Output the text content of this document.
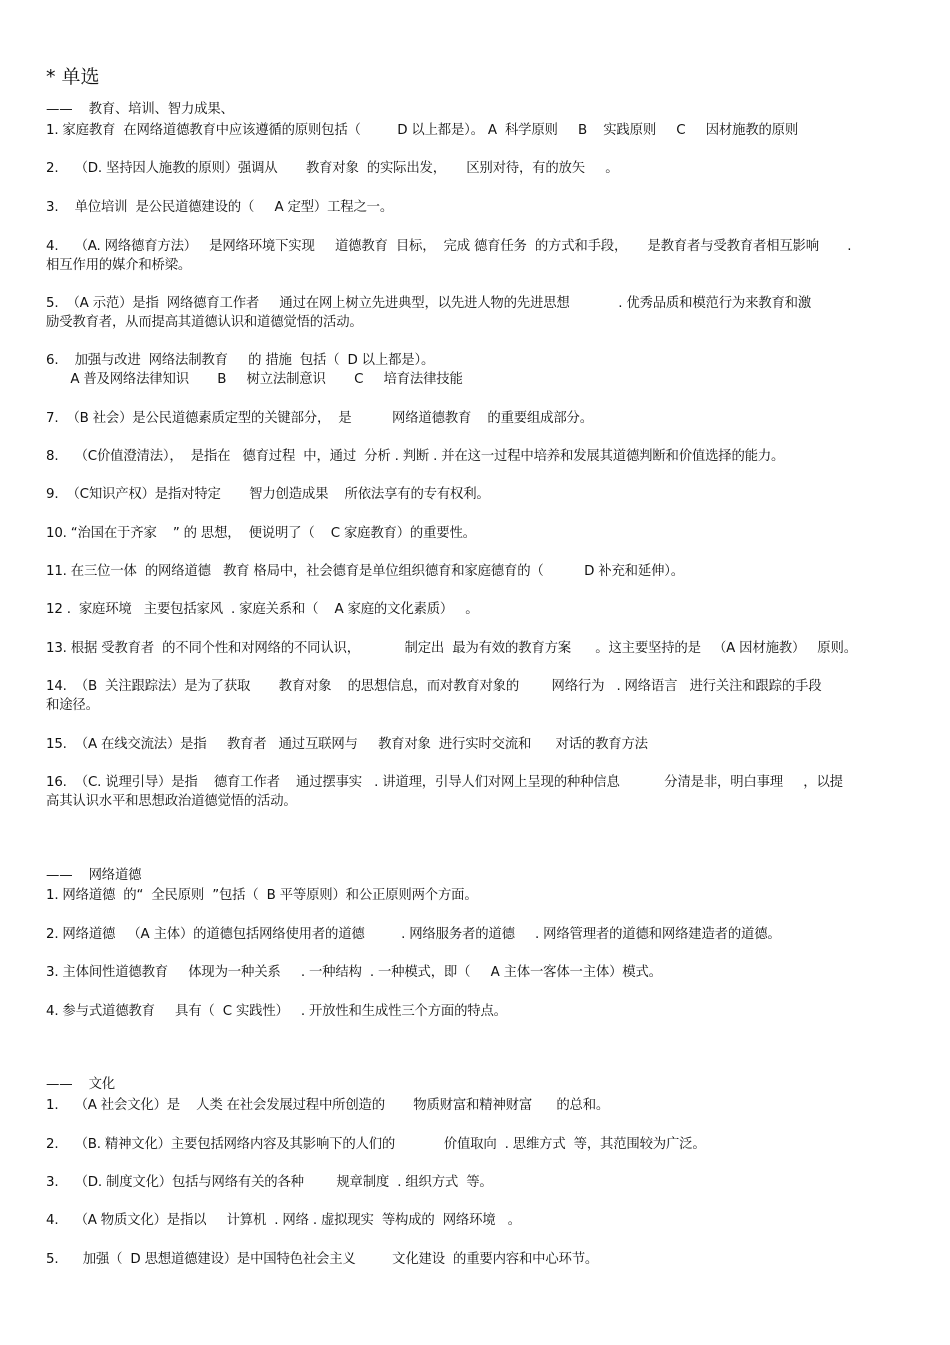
* 单选
——    教育、培训、智力成果、
1. 家庭教育  在网络道德教育中应该遵循的原则包括（         D 以上都是）。 A  科学原则     B    实践原则     C     因材施教的原则
2.    （D. 坚持因人施教的原则）强调从       教育对象  的实际出发，     区别对待，有的放矢     。
3.    单位培训  是公民道德建设的（     A 定型）工程之一。
4.    （A. 网络德育方法）   是网络环境下实现     道德教育  目标，  完成 德育任务  的方式和手段，     是教育者与受教育者相互影响       .
相互作用的媒介和桥梁。
5.  （A 示范）是指  网络德育工作者     通过在网上树立先进典型，以先进人物的先进思想            . 优秀品质和模范行为来教育和激
励受教育者，从而提高其道德认识和道德觉悟的活动。
6.    加强与改进  网络法制教育     的 措施  包括（  D 以上都是）。
A 普及网络法律知识       B     树立法制意识       C     培育法律技能
7.  （B 社会）是公民道德素质定型的关键部分，  是          网络道德教育    的重要组成部分。
8.    （C价值澄清法），  是指在   德育过程  中，通过  分析 . 判断 . 并在这一过程中培养和发展其道德判断和价值选择的能力。
9.  （C知识产权）是指对特定       智力创造成果    所依法享有的专有权利。
10. “治国在于齐家    ” 的 思想，  便说明了（    C 家庭教育）的重要性。
11. 在三位一体  的网络道德   教育 格局中，社会德育是单位组织德育和家庭德育的（          D 补充和延伸）。
12 .  家庭环境   主要包括家风  . 家庭关系和（    A 家庭的文化素质）   。
13. 根据 受教育者  的不同个性和对网络的不同认识，           制定出  最为有效的教育方案      。这主要坚持的是   （A 因材施教）   原则。
14.  （B  关注跟踪法）是为了获取       教育对象    的思想信息，而对教育对象的        网络行为   . 网络语言   进行关注和跟踪的手段
和途径。
15.  （A 在线交流法）是指     教育者   通过互联网与     教育对象  进行实时交流和      对话的教育方法
16.  （C. 说理引导）是指    德育工作者    通过摆事实   . 讲道理，引导人们对网上呈现的种种信息           分清是非，明白事理     ，以提
高其认识水平和思想政治道德觉悟的活动。
——    网络道德
1. 网络道德  的“  全民原则  ”包括（  B 平等原则）和公正原则两个方面。
2. 网络道德   （A 主体）的道德包括网络使用者的道德         . 网络服务者的道德     . 网络管理者的道德和网络建造者的道德。
3. 主体间性道德教育     体现为一种关系     . 一种结构  . 一种模式，即（     A 主体一客体一主体）模式。
4. 参与式道德教育     具有（  C 实践性）   . 开放性和生成性三个方面的特点。
——    文化
1.    （A 社会文化）是    人类 在社会发展过程中所创造的       物质财富和精神财富      的总和。
2.    （B. 精神文化）主要包括网络内容及其影响下的人们的            价值取向  . 思维方式  等，其范围较为广泛。
3.    （D. 制度文化）包括与网络有关的各种        规章制度  . 组织方式  等。
4.    （A 物质文化）是指以     计算机  . 网络 . 虚拟现实  等构成的  网络环境   。
5.      加强（  D 思想道德建设）是中国特色社会主义         文化建设  的重要内容和中心环节。
